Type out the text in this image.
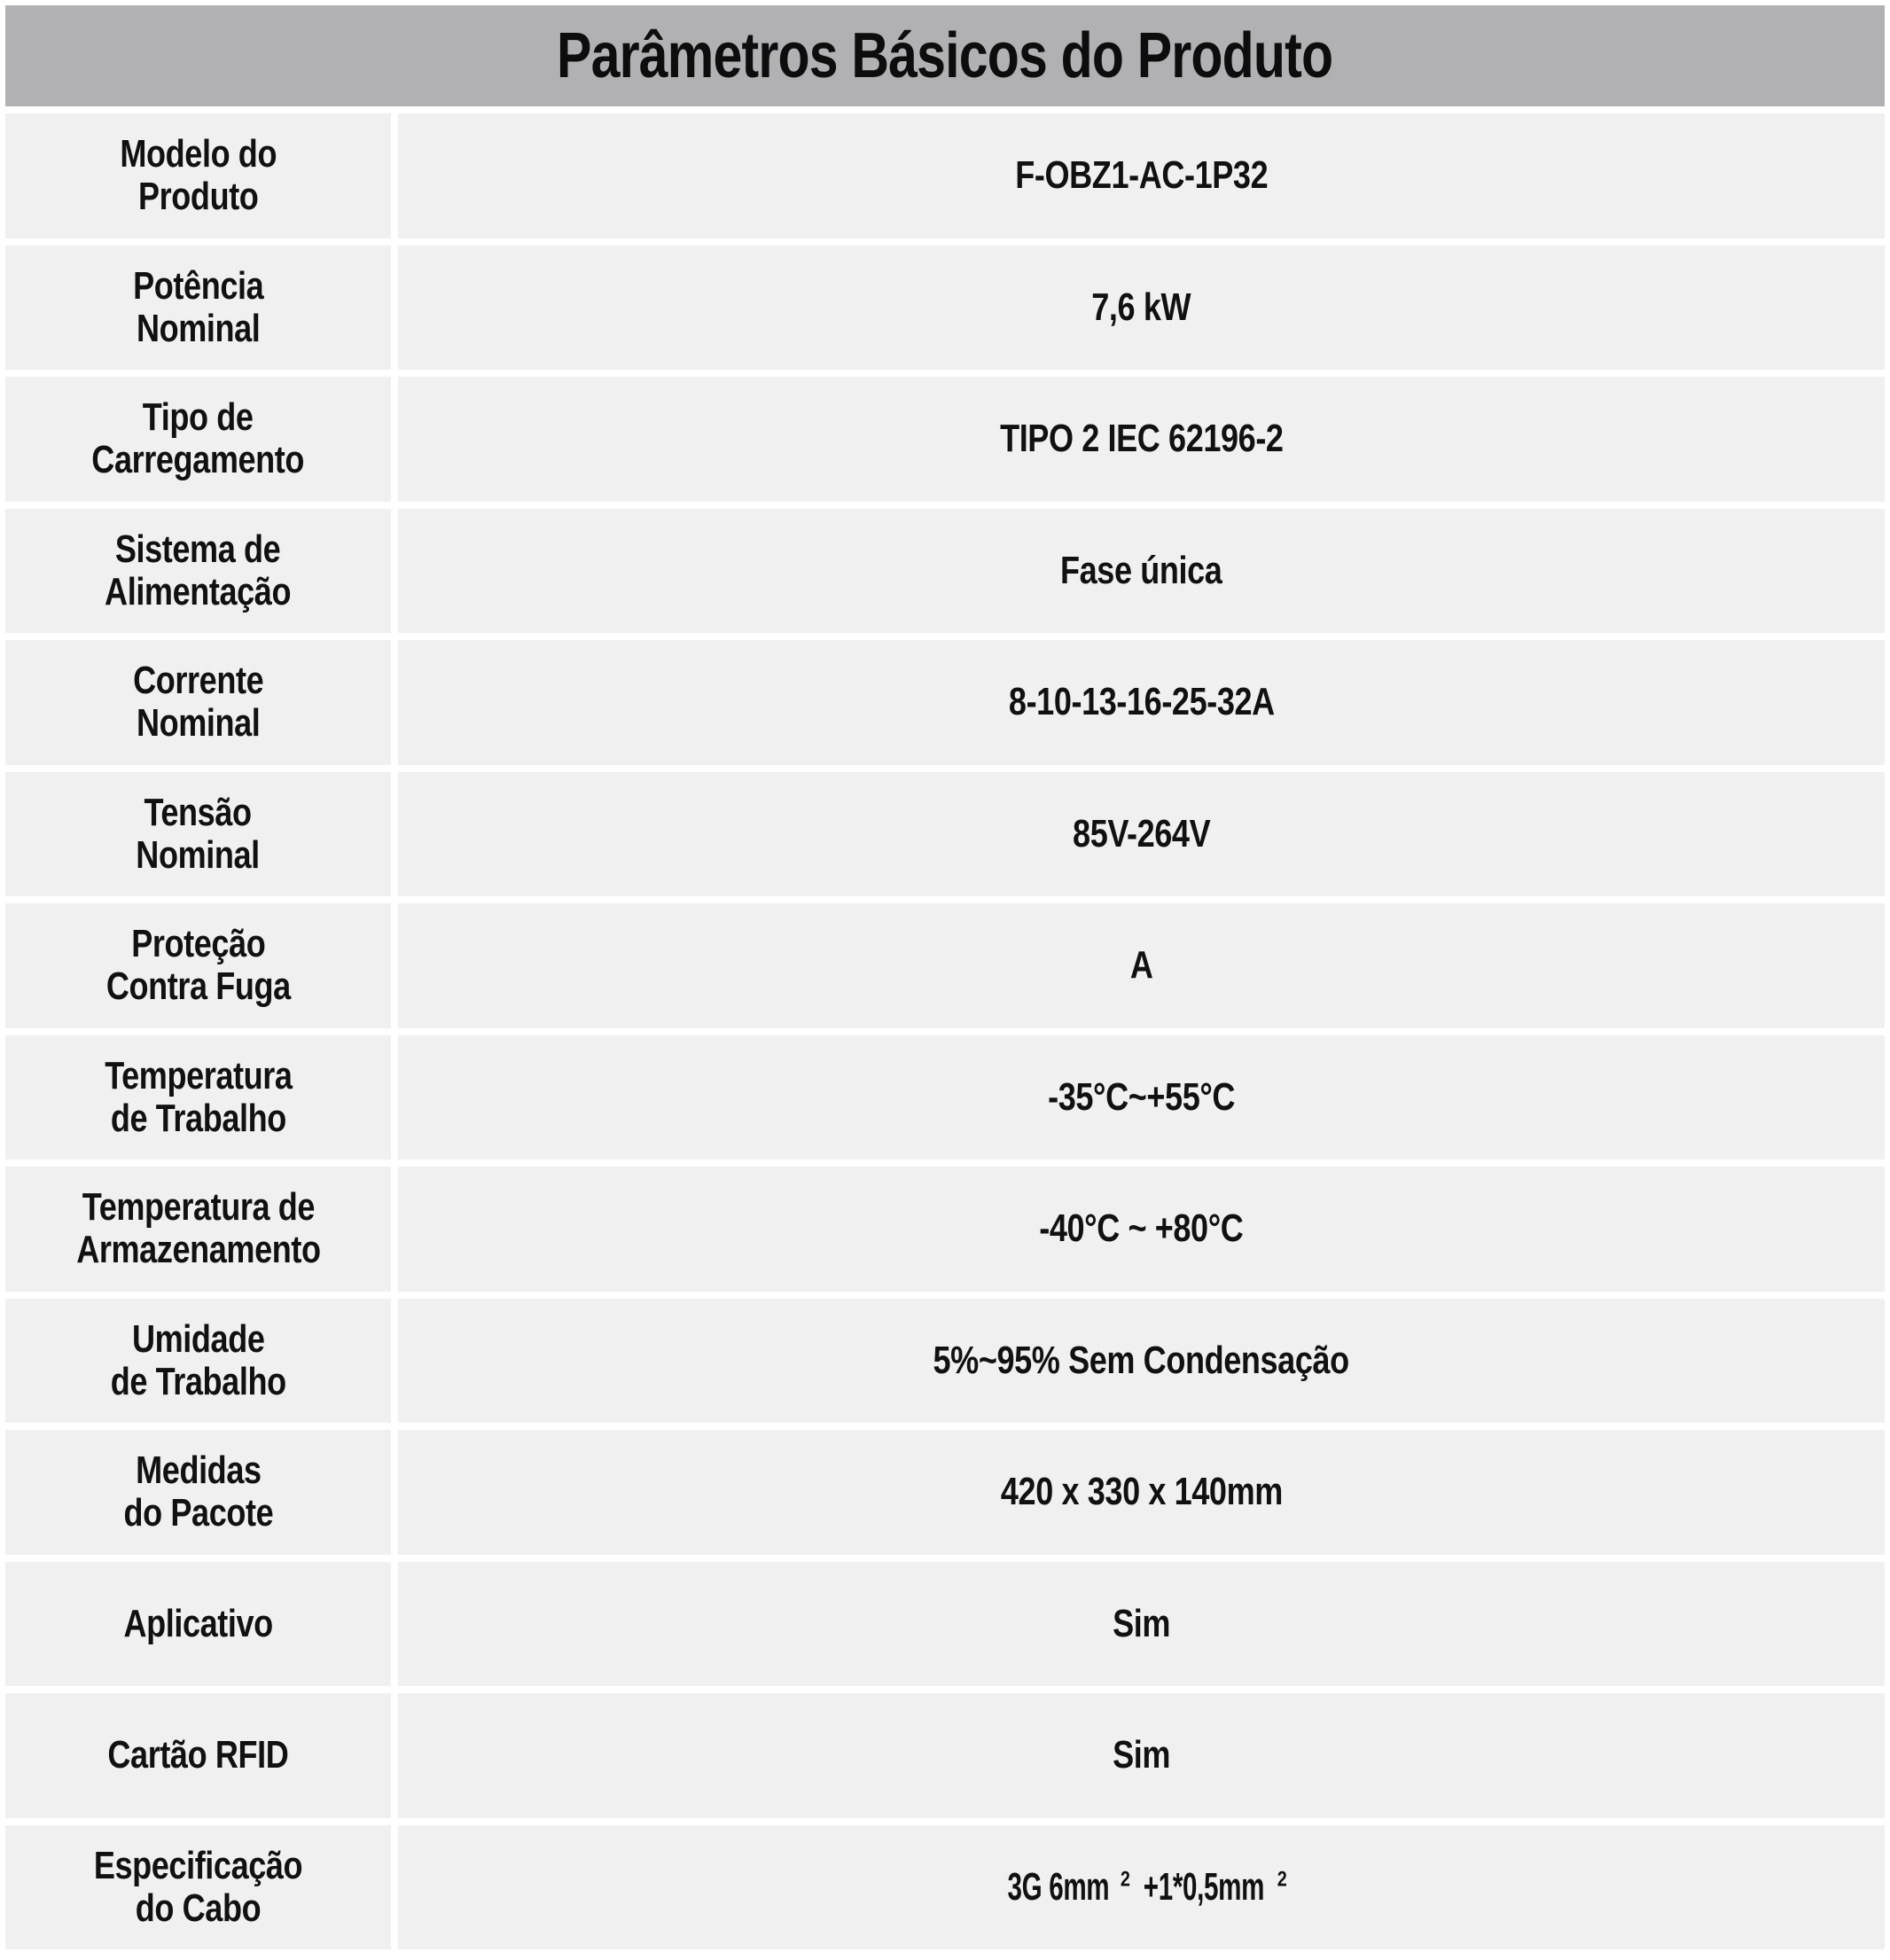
Parâmetros Básicos do Produto
Modelo do
Produto	F-OBZ1-AC-1P32
Potência
Nominal	7,6 kW
Tipo de
Carregamento	TIPO 2 IEC 62196-2
Sistema de
Alimentação	Fase única
Corrente
Nominal	8-10-13-16-25-32A
Tensão
Nominal	85V-264V
Proteção
Contra Fuga	A
Temperatura
de Trabalho	-35°C~+55°C
Temperatura de
Armazenamento	-40°C ~ +80°C
Umidade
de Trabalho	5%~95% Sem Condensação
Medidas
do Pacote	420 x 330 x 140mm
Aplicativo	Sim
Cartão RFID	Sim
Especificação
do Cabo	3G 6mm $^2$ +1*0,5mm $^2$
